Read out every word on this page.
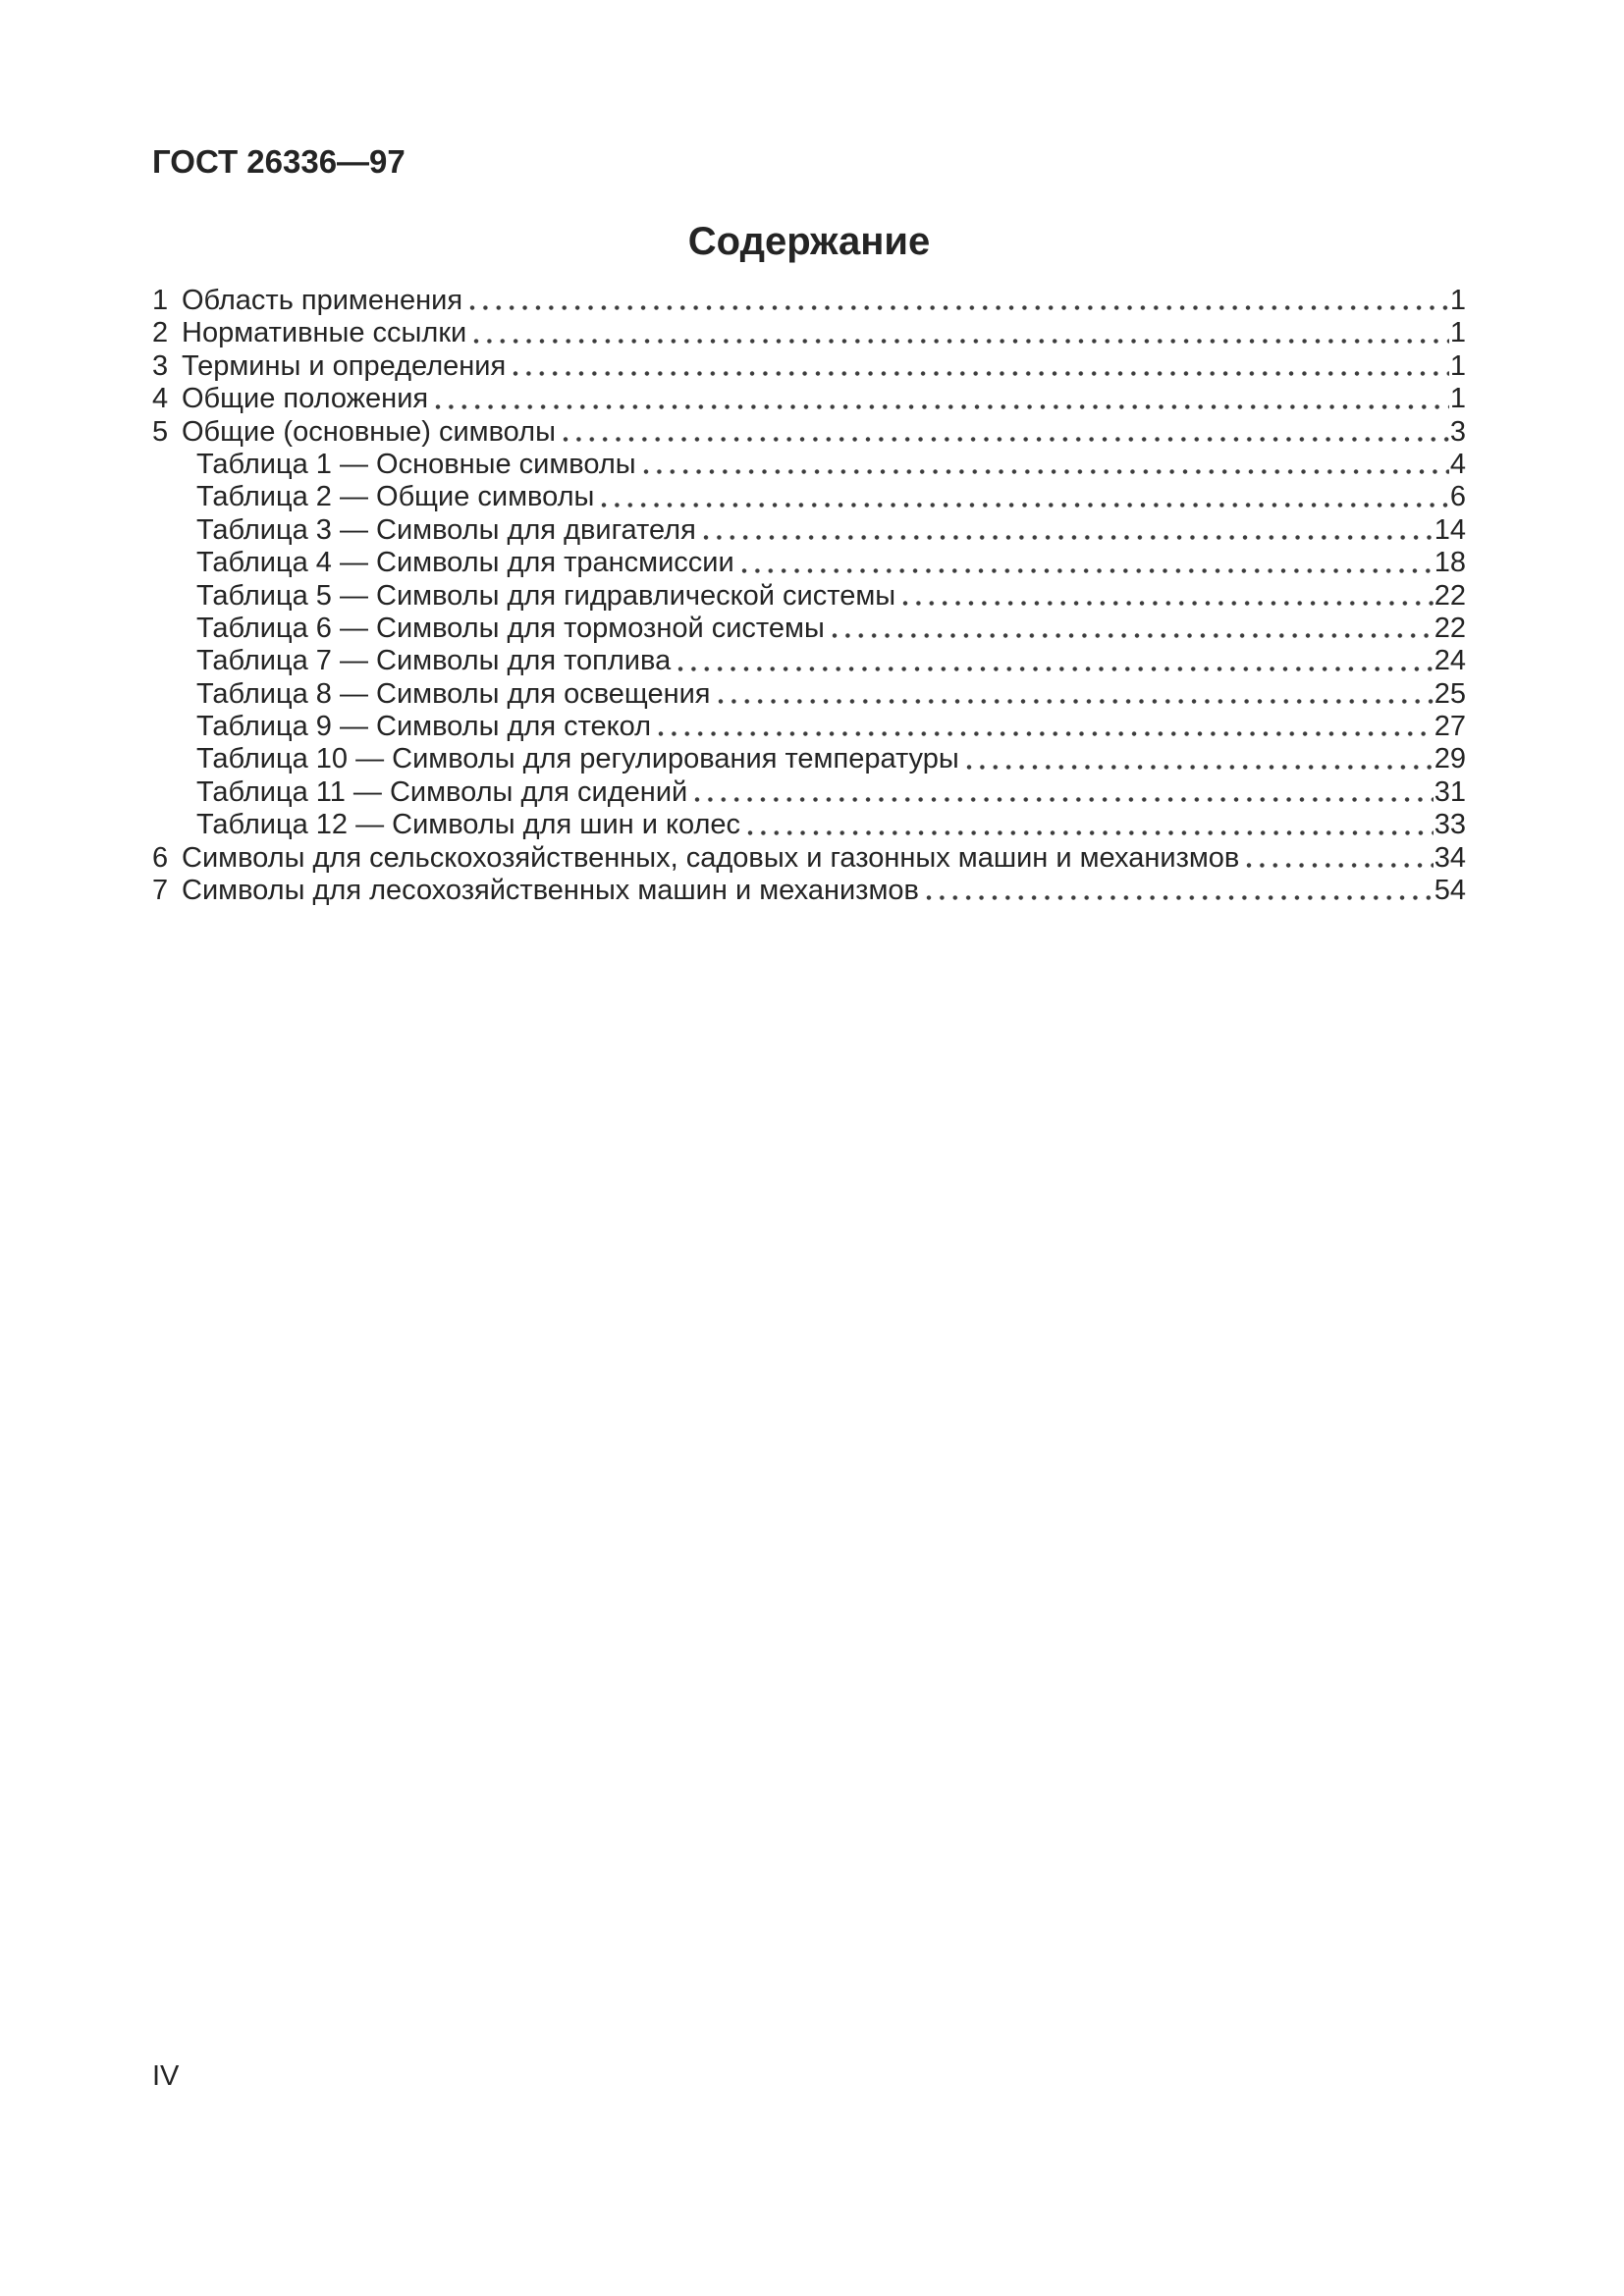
ГОСТ 26336—97
Содержание
1 Область применения	1
2 Нормативные ссылки	1
3 Термины и определения	1
4 Общие положения	1
5 Общие (основные) символы	3
Таблица 1 — Основные символы	4
Таблица 2 — Общие символы	6
Таблица 3 — Символы для двигателя	14
Таблица 4 — Символы для трансмиссии	18
Таблица 5 — Символы для гидравлической системы	22
Таблица 6 — Символы для тормозной системы	22
Таблица 7 — Символы для топлива	24
Таблица 8 — Символы для освещения	25
Таблица 9 — Символы для стекол	27
Таблица 10 — Символы для регулирования температуры	29
Таблица 11 — Символы для сидений	31
Таблица 12 — Символы для шин и колес	33
6 Символы для сельскохозяйственных, садовых и газонных машин и механизмов	34
7 Символы для лесохозяйственных машин и механизмов	54
IV
